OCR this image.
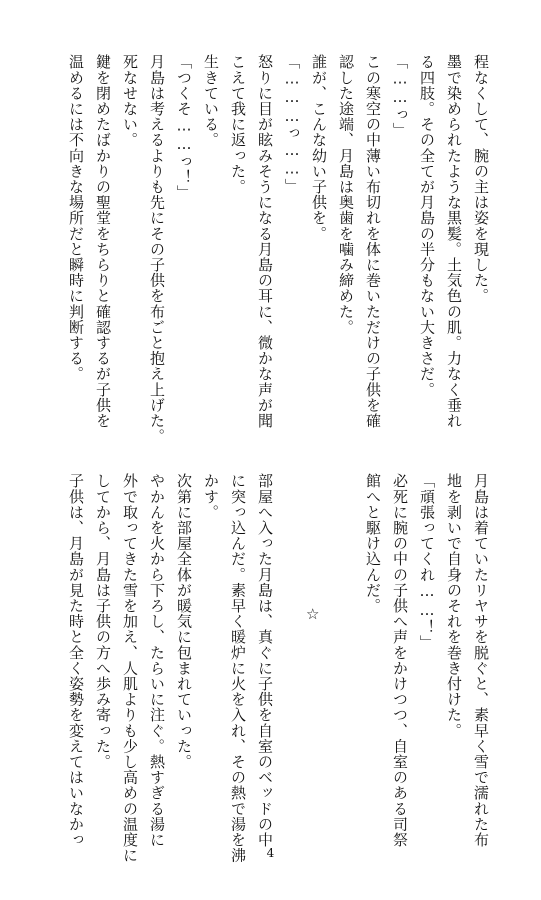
程なくして、腕の主は姿を現した。
墨で染められたような黒髪。土気色の肌。力なく垂れ
る四肢。その全てが月島の半分もない大きさだ。
「……っ」
この寒空の中薄い布切れを体に巻いただけの子供を確
認した途端、月島は奥歯を噛み締めた。
誰が、こんな幼い子供を。
「………っ……」
怒りに目が眩みそうになる月島の耳に、微かな声が聞
こえて我に返った。
生きている。
「つくそ……っ！」
月島は考えるよりも先にその子供を布ごと抱え上げた。
死なせない。
鍵を閉めたばかりの聖堂をちらりと確認するが子供を
温めるには不向きな場所だと瞬時に判断する。
月島は着ていたリヤサを脱ぐと、素早く雪で濡れた布
地を剥いで自身のそれを巻き付けた。
「頑張ってくれ……！」
必死に腕の中の子供へ声をかけつつ、自室のある司祭
館へと駆け込んだ。
部屋へ入った月島は、真ぐに子供を自室のベッドの中
に突っ込んだ。素早く暖炉に火を入れ、その熱で湯を沸
かす。
次第に部屋全体が暖気に包まれていった。
やかんを火から下ろし、たらいに注ぐ。熱すぎる湯に
外で取ってきた雪を加え、人肌よりも少し高めの温度に
してから、月島は子供の方へ歩み寄った。
子供は、月島が見た時と全く姿勢を変えてはいなかっ	☆
4
